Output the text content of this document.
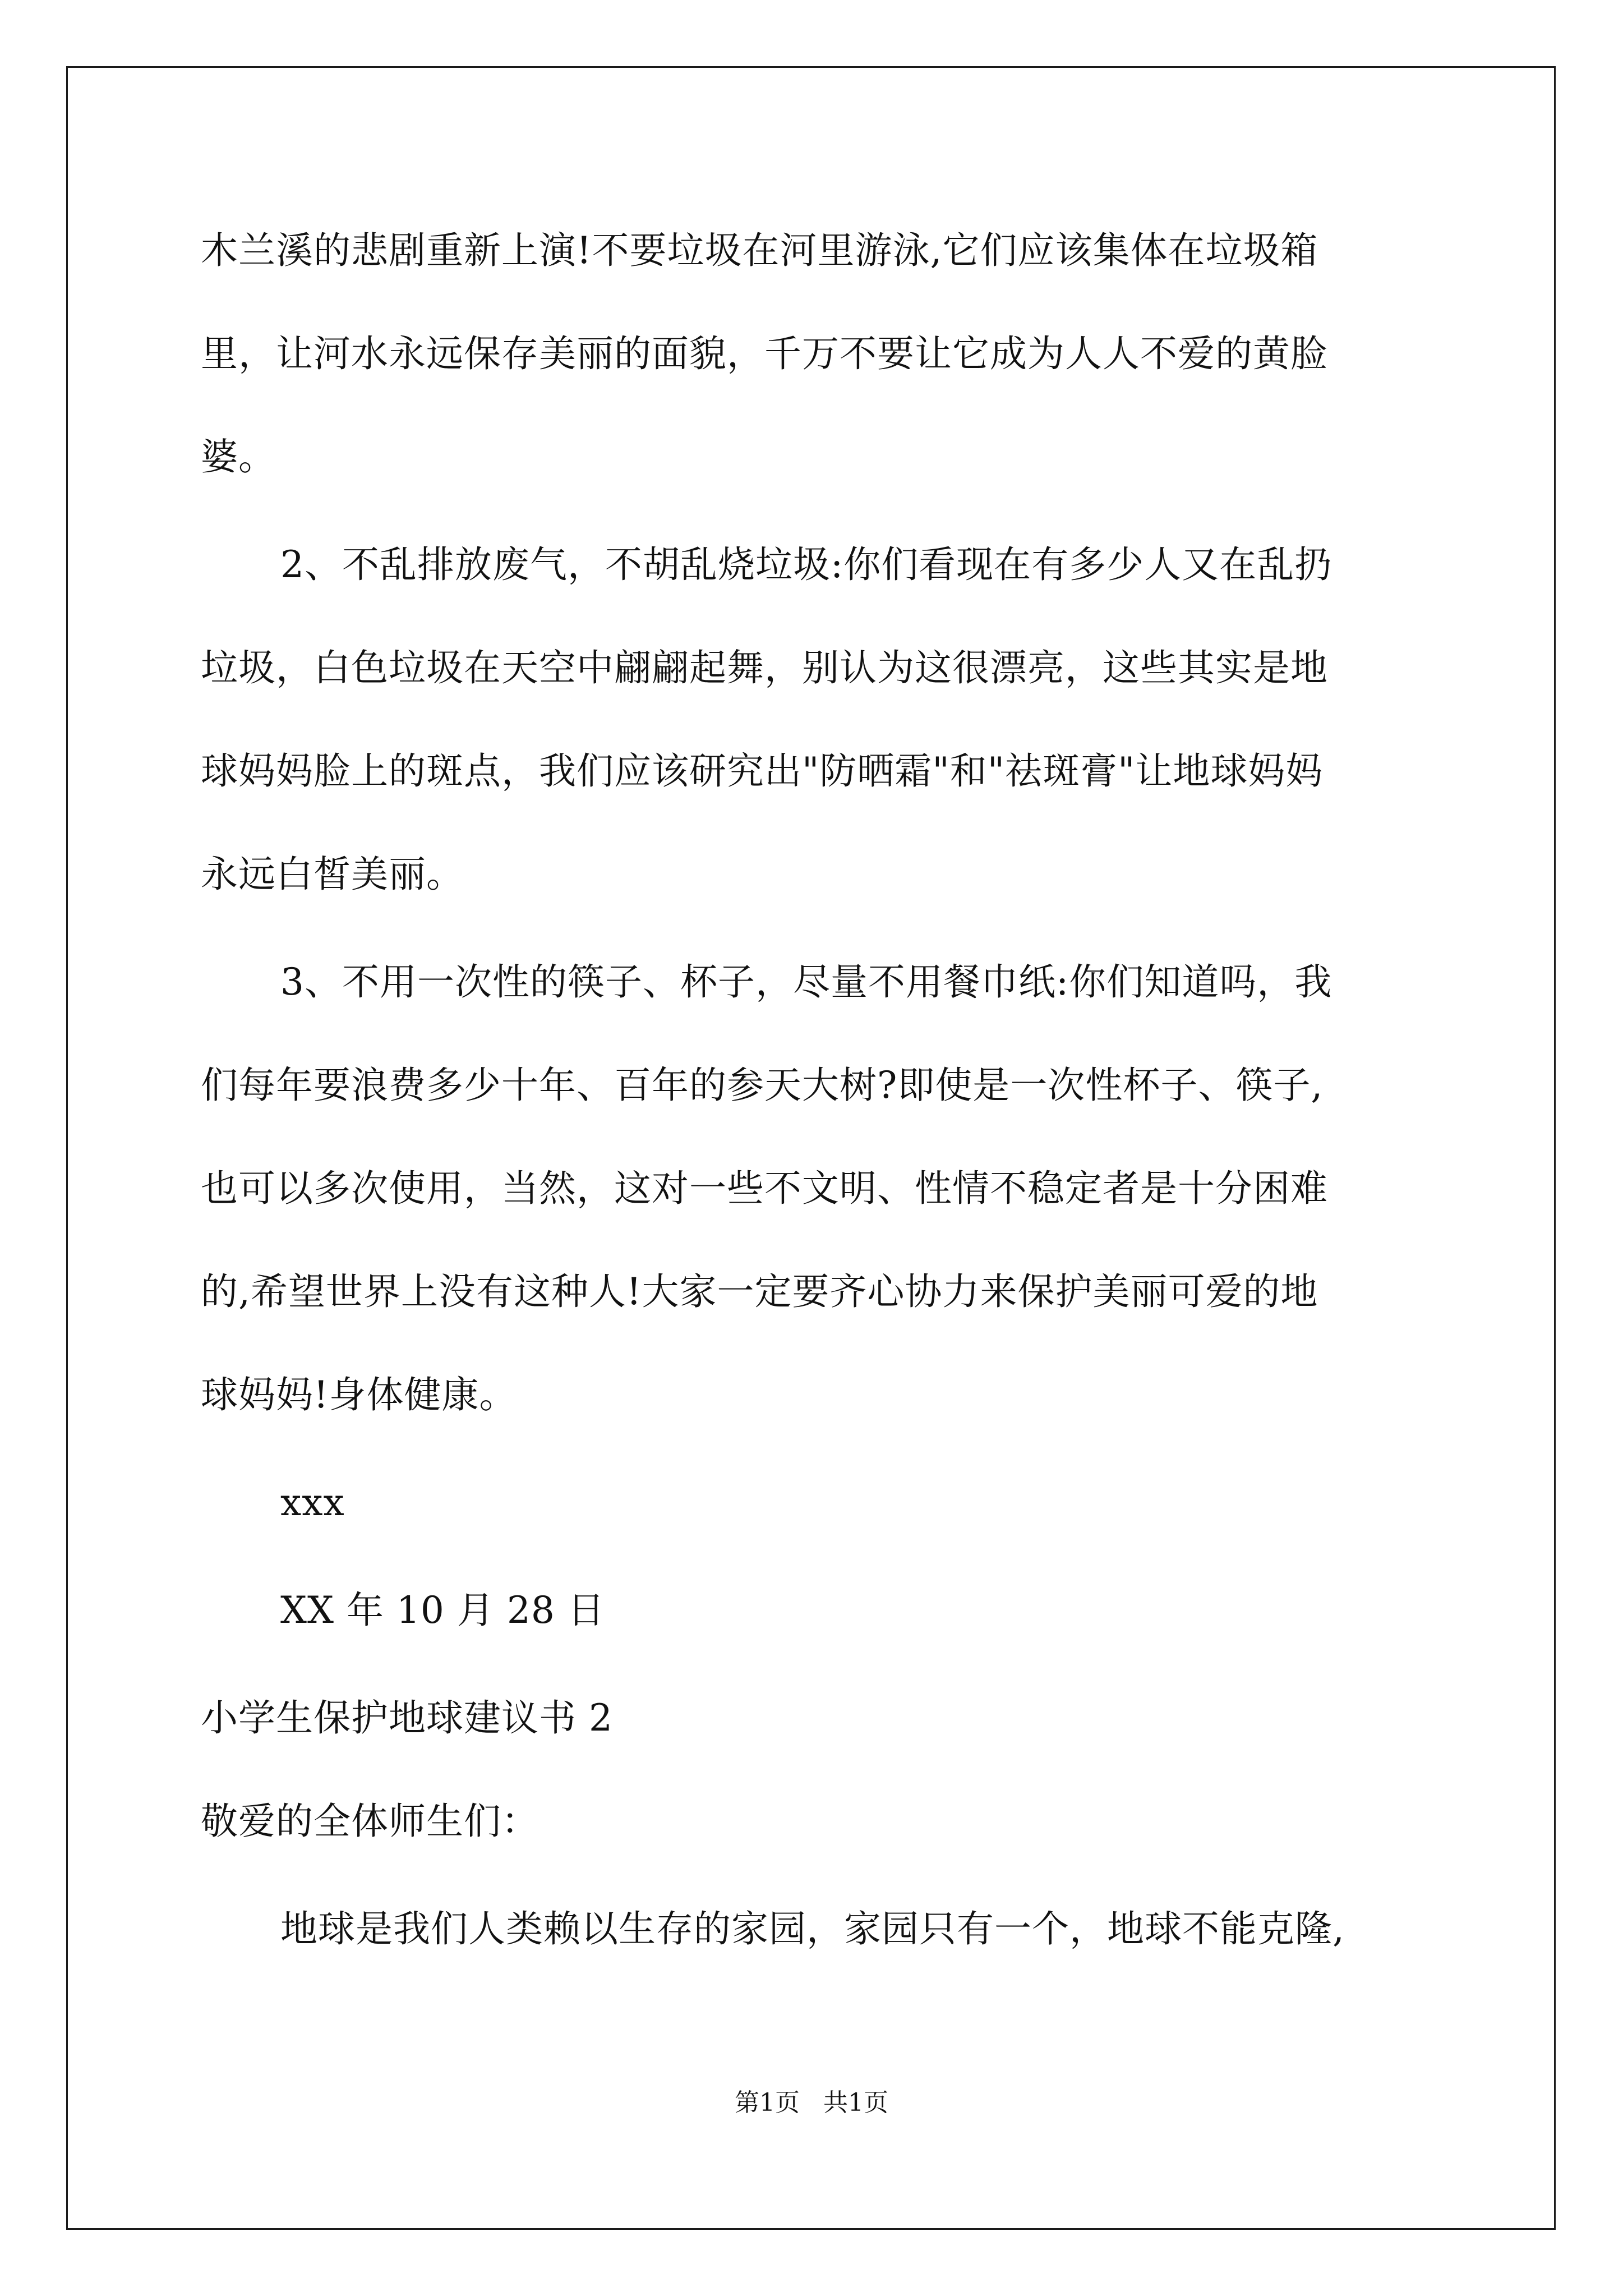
木兰溪的悲剧重新上演!不要垃圾在河里游泳,它们应该集体在垃圾箱
里，让河水永远保存美丽的面貌，千万不要让它成为人人不爱的黄脸
婆。
2、不乱排放废气，不胡乱烧垃圾:你们看现在有多少人又在乱扔
垃圾，白色垃圾在天空中翩翩起舞，别认为这很漂亮，这些其实是地
球妈妈脸上的斑点，我们应该研究出"防晒霜"和"祛斑膏"让地球妈妈
永远白皙美丽。
3、不用一次性的筷子、杯子，尽量不用餐巾纸:你们知道吗，我
们每年要浪费多少十年、百年的参天大树?即使是一次性杯子、筷子,
也可以多次使用，当然，这对一些不文明、性情不稳定者是十分困难
的,希望世界上没有这种人!大家一定要齐心协力来保护美丽可爱的地
球妈妈!身体健康。
xxx
XX 年 10 月 28 日
小学生保护地球建议书 2
敬爱的全体师生们：
地球是我们人类赖以生存的家园，家园只有一个，地球不能克隆,
第1页   共1页
